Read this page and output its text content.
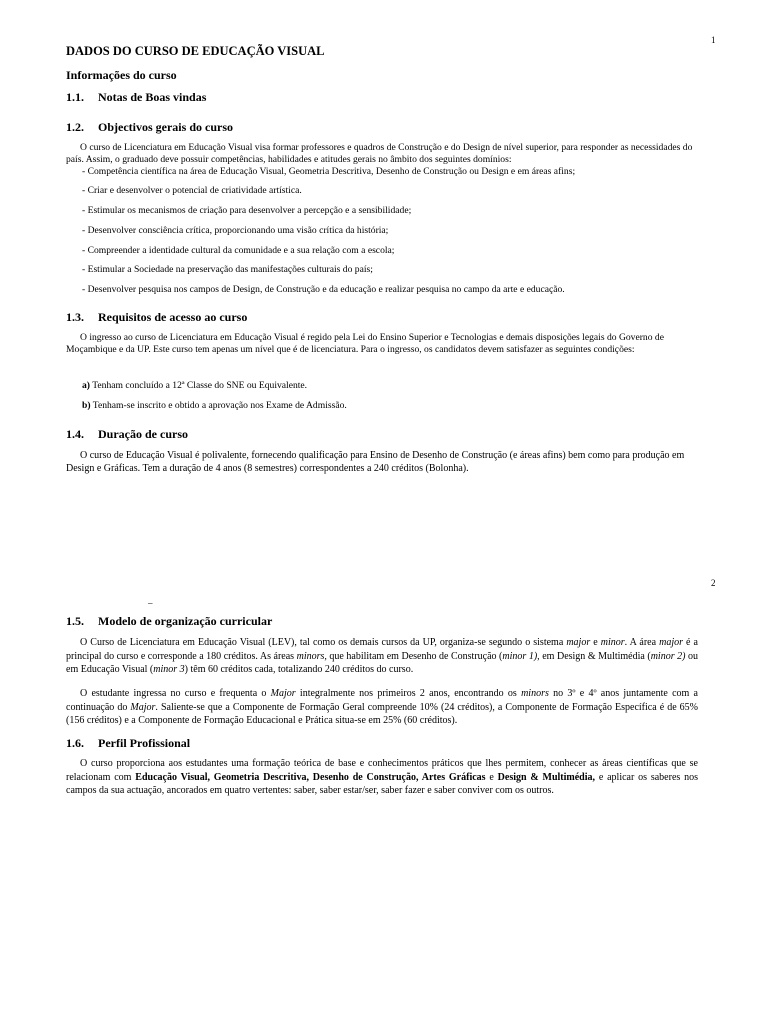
1
DADOS DO CURSO DE EDUCAÇÃO VISUAL
Informações do curso
1.1. Notas de Boas vindas
1.2. Objectivos gerais do curso

O curso de Licenciatura em Educação Visual visa formar professores e quadros de Construção e do Design de nível superior, para responder as necessidades do país. Assim, o graduado deve possuir competências, habilidades e atitudes gerais no âmbito dos seguintes domínios:

- Competência científica na área de Educação Visual, Geometria Descritiva, Desenho de Construção ou Design e em áreas afins;
- Criar e desenvolver o potencial de criatividade artística.
- Estimular os mecanismos de criação para desenvolver a percepção e a sensibilidade;
- Desenvolver consciência crítica, proporcionando uma visão crítica da história;
- Compreender a identidade cultural da comunidade e a sua relação com a escola;
- Estimular a Sociedade na preservação das manifestações culturais do país;
- Desenvolver pesquisa nos campos de Design, de Construção e da educação e realizar pesquisa no campo da arte e educação.
1.3. Requisitos de acesso ao curso

O ingresso ao curso de Licenciatura em Educação Visual é regido pela Lei do Ensino Superior e Tecnologias e demais disposições legais do Governo de Moçambique e da UP. Este curso tem apenas um nível que é de licenciatura. Para o ingresso, os candidatos devem satisfazer as seguintes condições:

a) Tenham concluído a 12ª Classe do SNE ou Equivalente.
b) Tenham-se inscrito e obtido a aprovação nos Exame de Admissão.
1.4. Duração de curso

O curso de Educação Visual é polivalente, fornecendo qualificação para Ensino de Desenho de Construção (e áreas afins) bem como para produção em Design e Gráficas. Tem a duração de 4 anos (8 semestres) correspondentes a 240 créditos (Bolonha).

2
–
1.5. Modelo de organização curricular

O Curso de Licenciatura em Educação Visual (LEV), tal como os demais cursos da UP, organiza-se segundo o sistema major e minor. A área major é a principal do curso e corresponde a 180 créditos. As áreas minors, que habilitam em Desenho de Construção (minor 1), em Design & Multimédia (minor 2) ou em Educação Visual (minor 3) têm 60 créditos cada, totalizando 240 créditos do curso.

O estudante ingressa no curso e frequenta o Major integralmente nos primeiros 2 anos, encontrando os minors no 3º e 4º anos juntamente com a continuação do Major. Saliente-se que a Componente de Formação Geral compreende 10% (24 créditos), a Componente de Formação Específica é de 65% (156 créditos) e a Componente de Formação Educacional e Prática situa-se em 25% (60 créditos).

1.6. Perfil Profissional

O curso proporciona aos estudantes uma formação teórica de base e conhecimentos práticos que lhes permitem, conhecer as áreas científicas que se relacionam com Educação Visual, Geometria Descritiva, Desenho de Construção, Artes Gráficas e Design & Multimédia, e aplicar os saberes nos campos da sua actuação, ancorados em quatro vertentes: saber, saber estar/ser, saber fazer e saber conviver com os outros.
